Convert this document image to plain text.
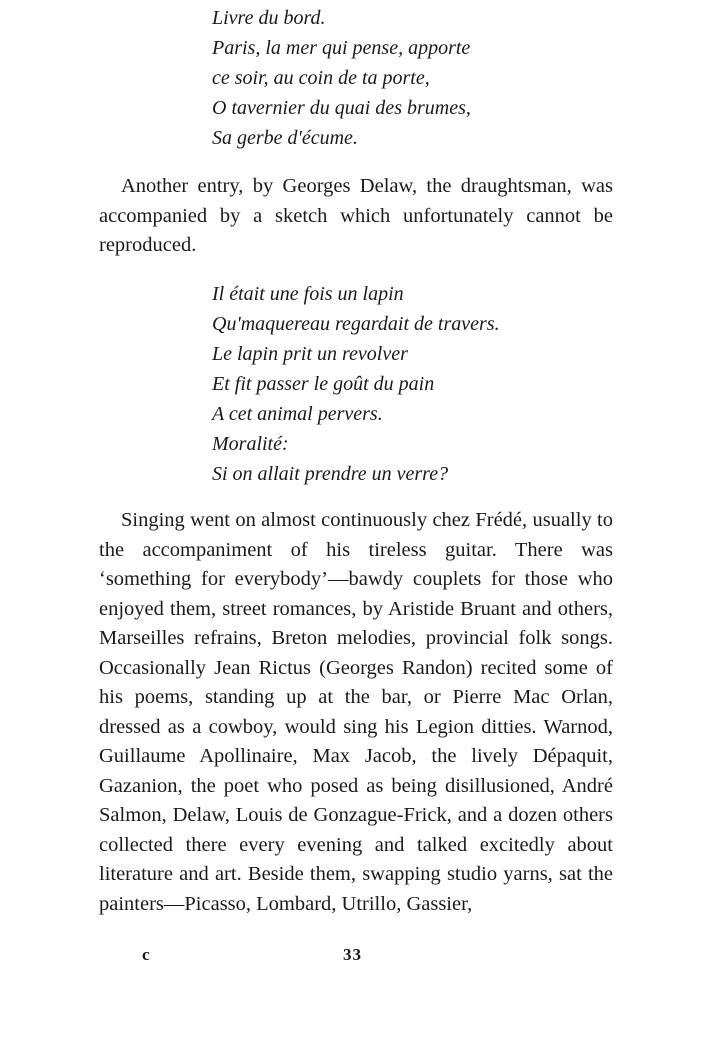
Livre du bord.
Paris, la mer qui pense, apporte
ce soir, au coin de ta porte,
O tavernier du quai des brumes,
Sa gerbe d'écume.

Another entry, by Georges Delaw, the draughtsman, was accompanied by a sketch which unfortunately cannot be reproduced.

Il était une fois un lapin
Qu'maquereau regardait de travers.
Le lapin prit un revolver
Et fit passer le goût du pain
A cet animal pervers.
Moralité:
Si on allait prendre un verre?

Singing went on almost continuously chez Frédé, usually to the accompaniment of his tireless guitar. There was ‘something for everybody’—bawdy couplets for those who enjoyed them, street romances, by Aristide Bruant and others, Marseilles refrains, Breton melodies, provincial folk songs. Occasionally Jean Rictus (Georges Randon) recited some of his poems, standing up at the bar, or Pierre Mac Orlan, dressed as a cowboy, would sing his Legion ditties. Warnod, Guillaume Apollinaire, Max Jacob, the lively Dépaquit, Gazanion, the poet who posed as being disillusioned, André Salmon, Delaw, Louis de Gonzague-Frick, and a dozen others collected there every evening and talked excitedly about literature and art. Beside them, swapping studio yarns, sat the painters—Picasso, Lombard, Utrillo, Gassier,

c	33
